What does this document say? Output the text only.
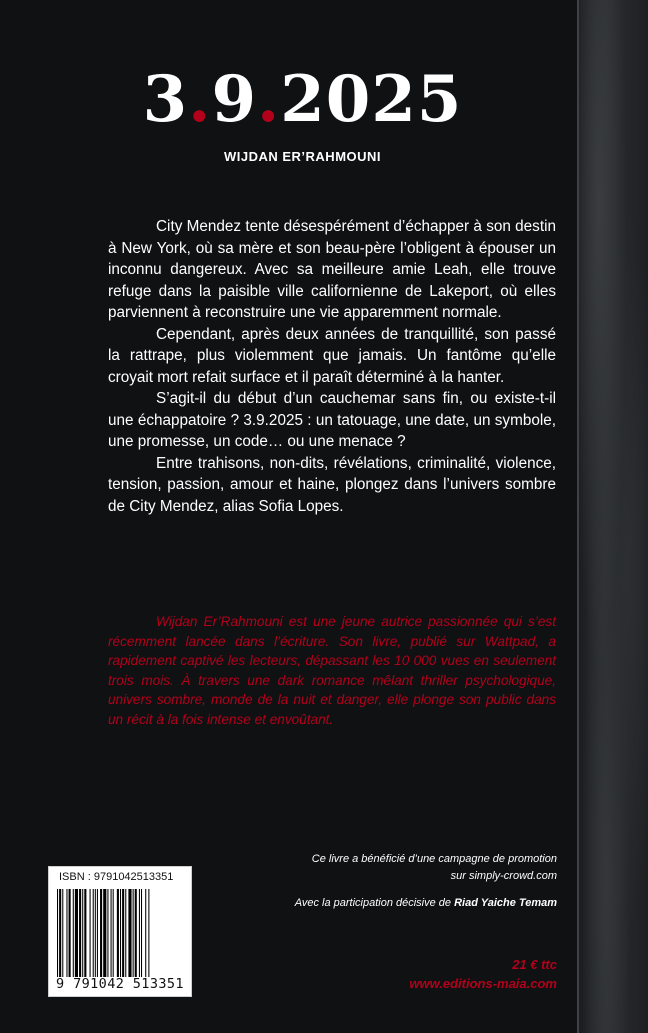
3.9.2025
WIJDAN ER’RAHMOUNI

City Mendez tente désespérément d’échapper à son destin à New York, où sa mère et son beau-père l’obligent à épouser un inconnu dangereux. Avec sa meilleure amie Leah, elle trouve refuge dans la paisible ville californienne de Lakeport, où elles parviennent à reconstruire une vie apparemment normale.

Cependant, après deux années de tranquillité, son passé la rattrape, plus violemment que jamais. Un fantôme qu’elle croyait mort refait surface et il paraît déterminé à la hanter.

S’agit-il du début d’un cauchemar sans fin, ou existe-t-il une échappatoire ? 3.9.2025 : un tatouage, une date, un symbole, une promesse, un code… ou une menace ?

Entre trahisons, non-dits, révélations, criminalité, violence, tension, passion, amour et haine, plongez dans l’univers sombre de City Mendez, alias Sofia Lopes.

Wijdan Er’Rahmouni est une jeune autrice passionnée qui s’est récemment lancée dans l’écriture. Son livre, publié sur Wattpad, a rapidement captivé les lecteurs, dépassant les 10 000 vues en seulement trois mois. À travers une dark romance mêlant thriller psychologique, univers sombre, monde de la nuit et danger, elle plonge son public dans un récit à la fois intense et envoûtant.

ISBN : 9791042513351
9 791042 513351
Ce livre a bénéficié d’une campagne de promotion
sur simply-crowd.com
Avec la participation décisive de Riad Yaiche Temam
21 € ttc
www.editions-maia.com
